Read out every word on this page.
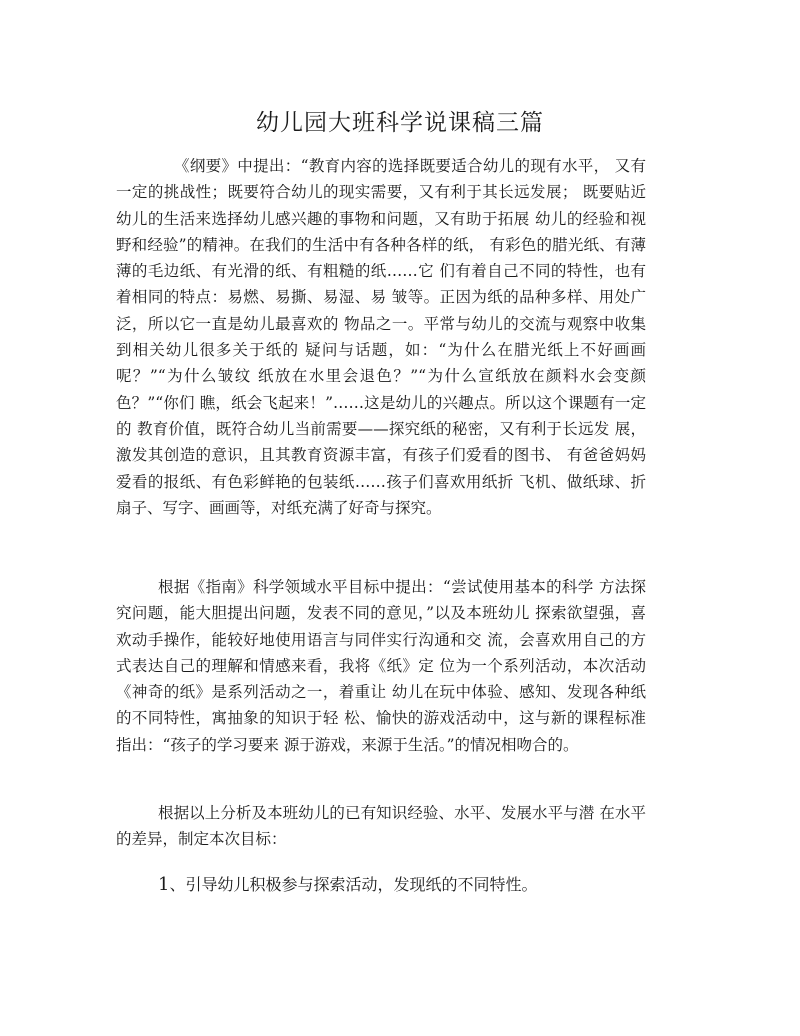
幼儿园大班科学说课稿三篇

《纲要》中提出：“教育内容的选择既要适合幼儿的现有水平， 又有一定的挑战性；既要符合幼儿的现实需要，又有利于其长远发展； 既要贴近幼儿的生活来选择幼儿感兴趣的事物和问题，又有助于拓展 幼儿的经验和视野和经验”的精神。在我们的生活中有各种各样的纸， 有彩色的腊光纸、有薄薄的毛边纸、有光滑的纸、有粗糙的纸……它 们有着自己不同的特性，也有着相同的特点：易燃、易撕、易湿、易 皱等。正因为纸的品种多样、用处广泛，所以它一直是幼儿最喜欢的 物品之一。平常与幼儿的交流与观察中收集到相关幼儿很多关于纸的 疑问与话题，如：“为什么在腊光纸上不好画画呢？”“为什么皱纹 纸放在水里会退色？”“为什么宣纸放在颜料水会变颜色？”“你们 瞧，纸会飞起来！”……这是幼儿的兴趣点。所以这个课题有一定的 教育价值，既符合幼儿当前需要——探究纸的秘密，又有利于长远发 展，激发其创造的意识，且其教育资源丰富，有孩子们爱看的图书、 有爸爸妈妈爱看的报纸、有色彩鲜艳的包装纸……孩子们喜欢用纸折 飞机、做纸球、折扇子、写字、画画等，对纸充满了好奇与探究。

根据《指南》科学领域水平目标中提出：“尝试使用基本的科学 方法探究问题，能大胆提出问题，发表不同的意见，”以及本班幼儿 探索欲望强，喜欢动手操作，能较好地使用语言与同伴实行沟通和交 流，会喜欢用自己的方式表达自己的理解和情感来看，我将《纸》定 位为一个系列活动，本次活动《神奇的纸》是系列活动之一，着重让 幼儿在玩中体验、感知、发现各种纸的不同特性，寓抽象的知识于轻 松、愉快的游戏活动中，这与新的课程标准指出：“孩子的学习要来 源于游戏，来源于生活。”的情况相吻合的。

根据以上分析及本班幼儿的已有知识经验、水平、发展水平与潜 在水平的差异，制定本次目标：

1、引导幼儿积极参与探索活动，发现纸的不同特性。
